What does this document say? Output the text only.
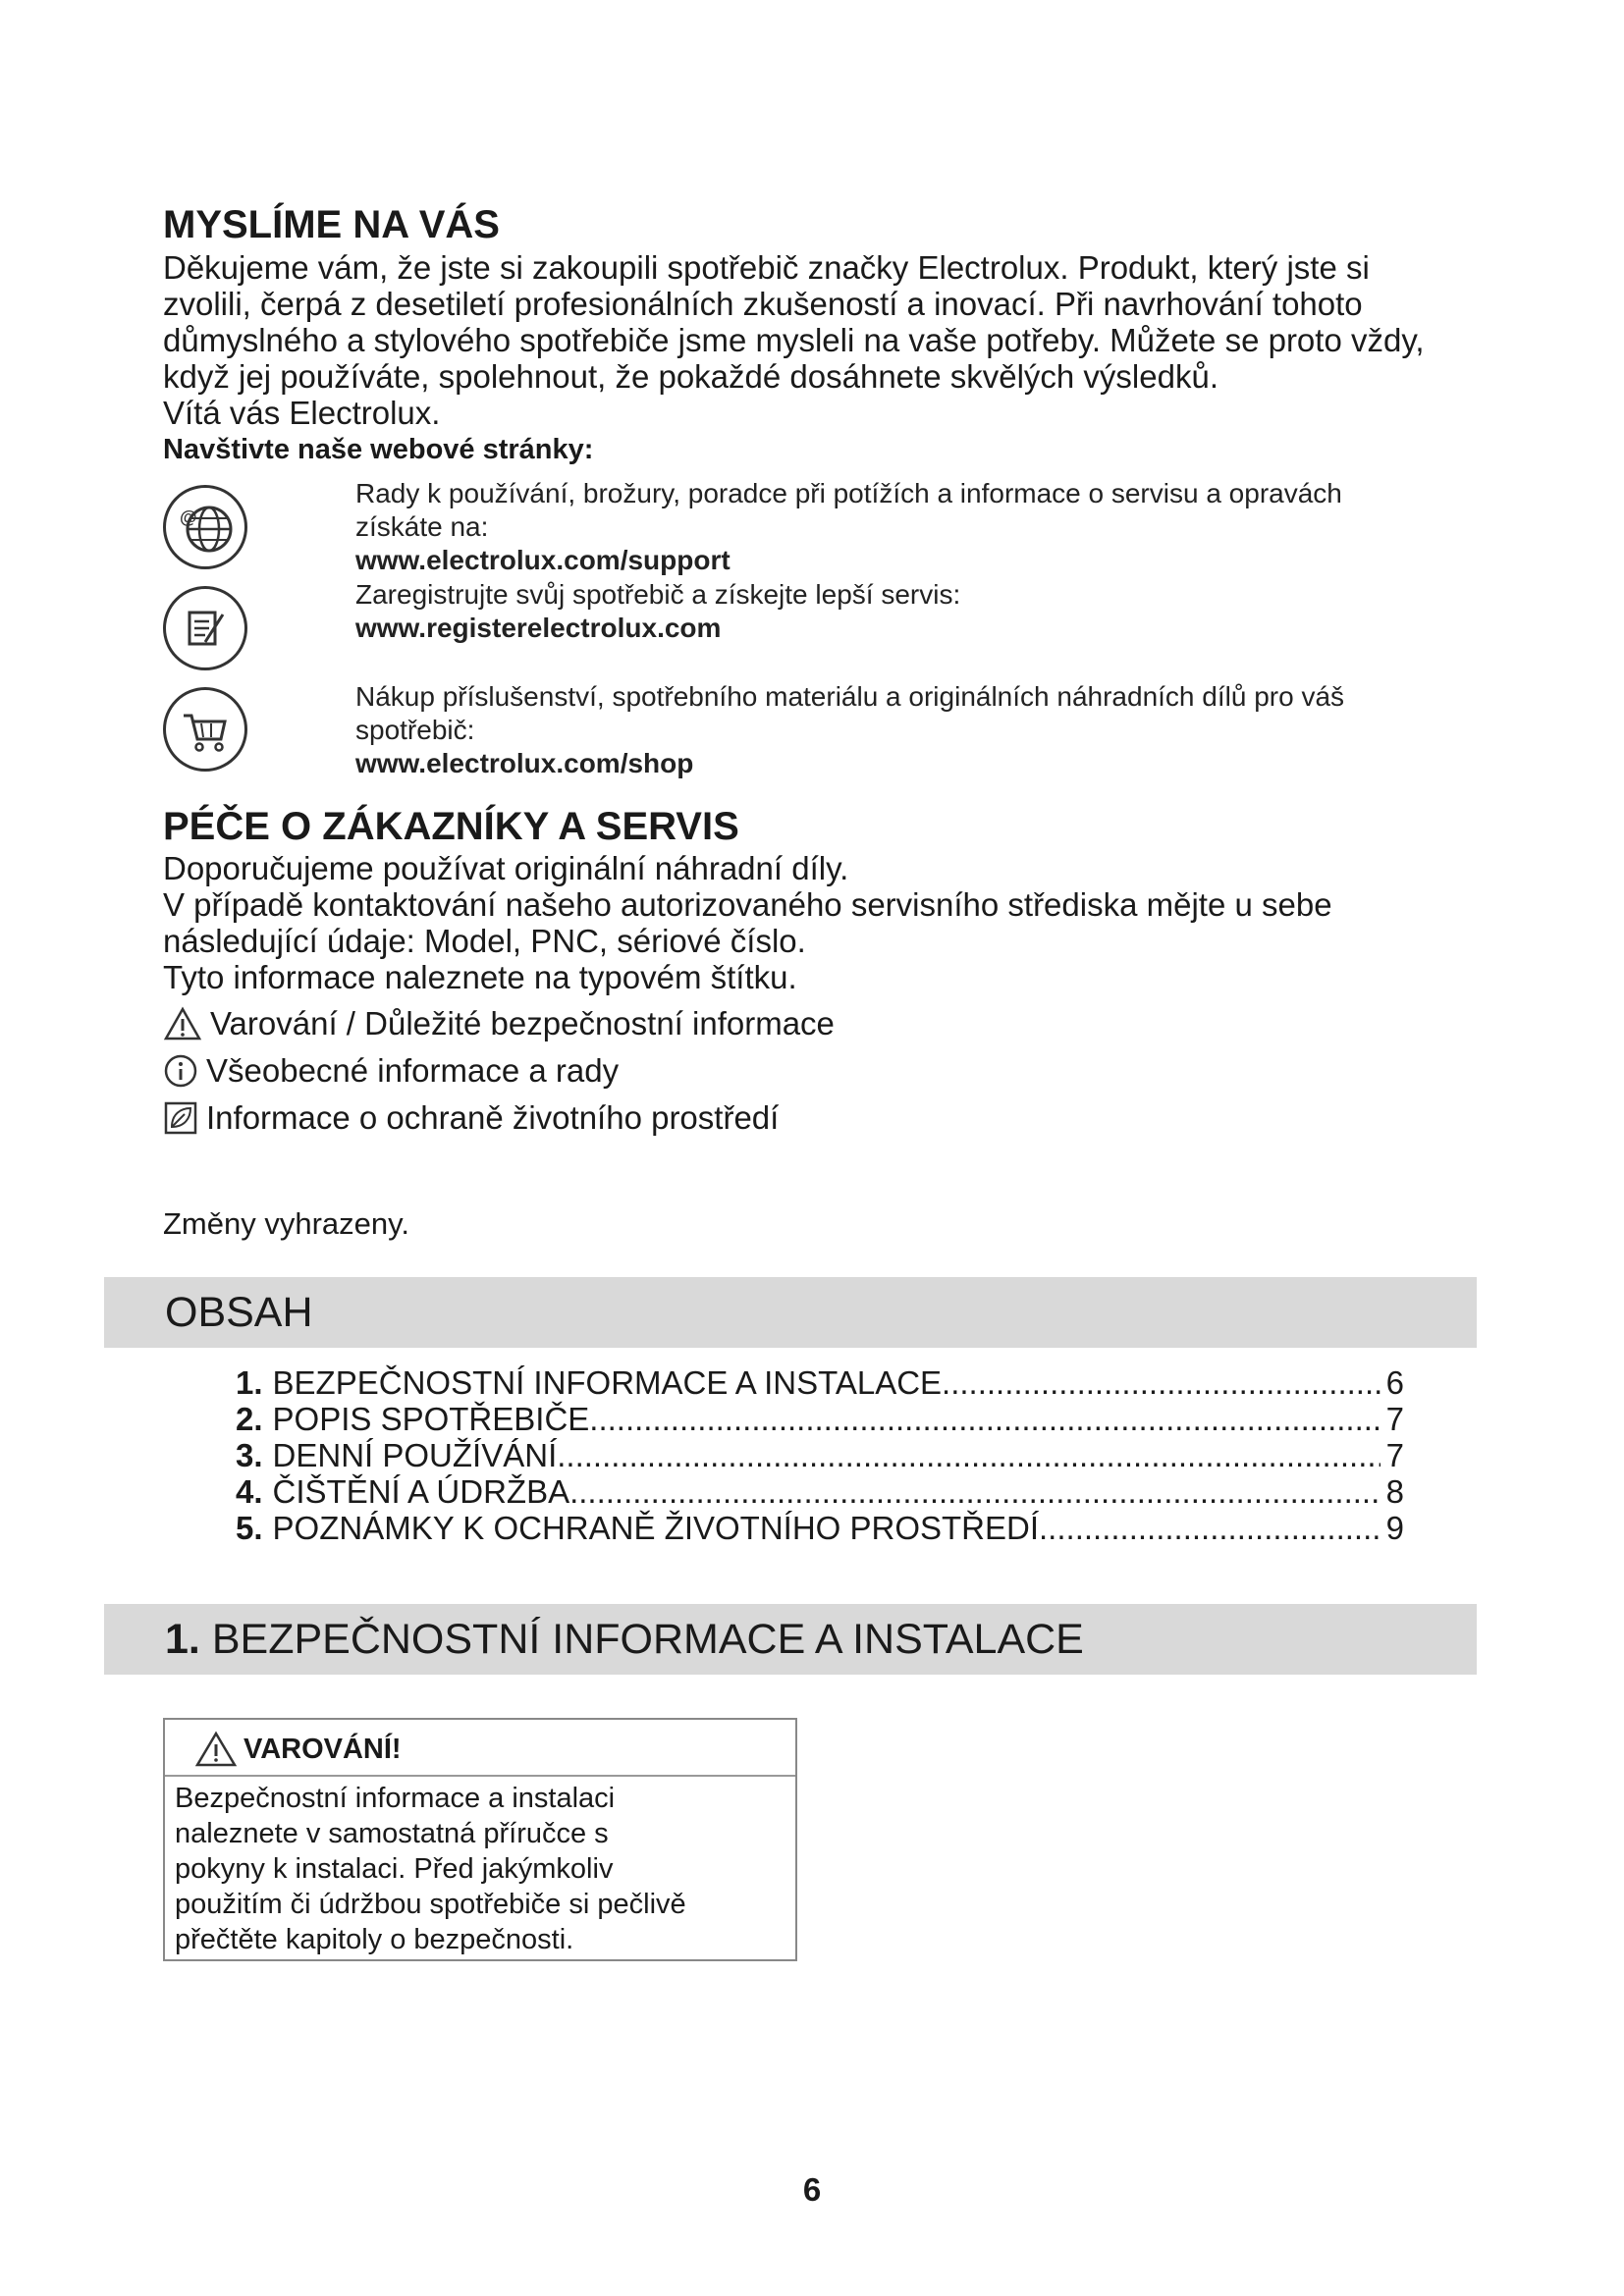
MYSLÍME NA VÁS
Děkujeme vám, že jste si zakoupili spotřebič značky Electrolux. Produkt, který jste si
zvolili, čerpá z desetiletí profesionálních zkušeností a inovací. Při navrhování tohoto
důmyslného a stylového spotřebiče jsme mysleli na vaše potřeby. Můžete se proto vždy,
když jej používáte, spolehnout, že pokaždé dosáhnete skvělých výsledků.
Vítá vás Electrolux.
Navštivte naše webové stránky:
@
Rady k používání, brožury, poradce při potížích a informace o servisu a opravách
získáte na:
www.electrolux.com/support
Zaregistrujte svůj spotřebič a získejte lepší servis:
www.registerelectrolux.com
Nákup příslušenství, spotřebního materiálu a originálních náhradních dílů pro váš
spotřebič:
www.electrolux.com/shop
PÉČE O ZÁKAZNÍKY A SERVIS
Doporučujeme používat originální náhradní díly.
V případě kontaktování našeho autorizovaného servisního střediska mějte u sebe
následující údaje: Model, PNC, sériové číslo.
Tyto informace naleznete na typovém štítku.
Varování / Důležité bezpečnostní informace
Všeobecné informace a rady
Informace o ochraně životního prostředí
Změny vyhrazeny.
OBSAH
1. BEZPEČNOSTNÍ INFORMACE A INSTALACE .....	6
2. POPIS SPOTŘEBIČE .....	7
3. DENNÍ POUŽÍVÁNÍ .....	7
4. ČIŠTĚNÍ A ÚDRŽBA .....	8
5. POZNÁMKY K OCHRANĚ ŽIVOTNÍHO PROSTŘEDÍ .....	9
1. BEZPEČNOSTNÍ INFORMACE A INSTALACE
VAROVÁNÍ!
Bezpečnostní informace a instalaci
naleznete v samostatná příručce s
pokyny k instalaci. Před jakýmkoliv
použitím či údržbou spotřebiče si pečlivě
přečtěte kapitoly o bezpečnosti.
6
